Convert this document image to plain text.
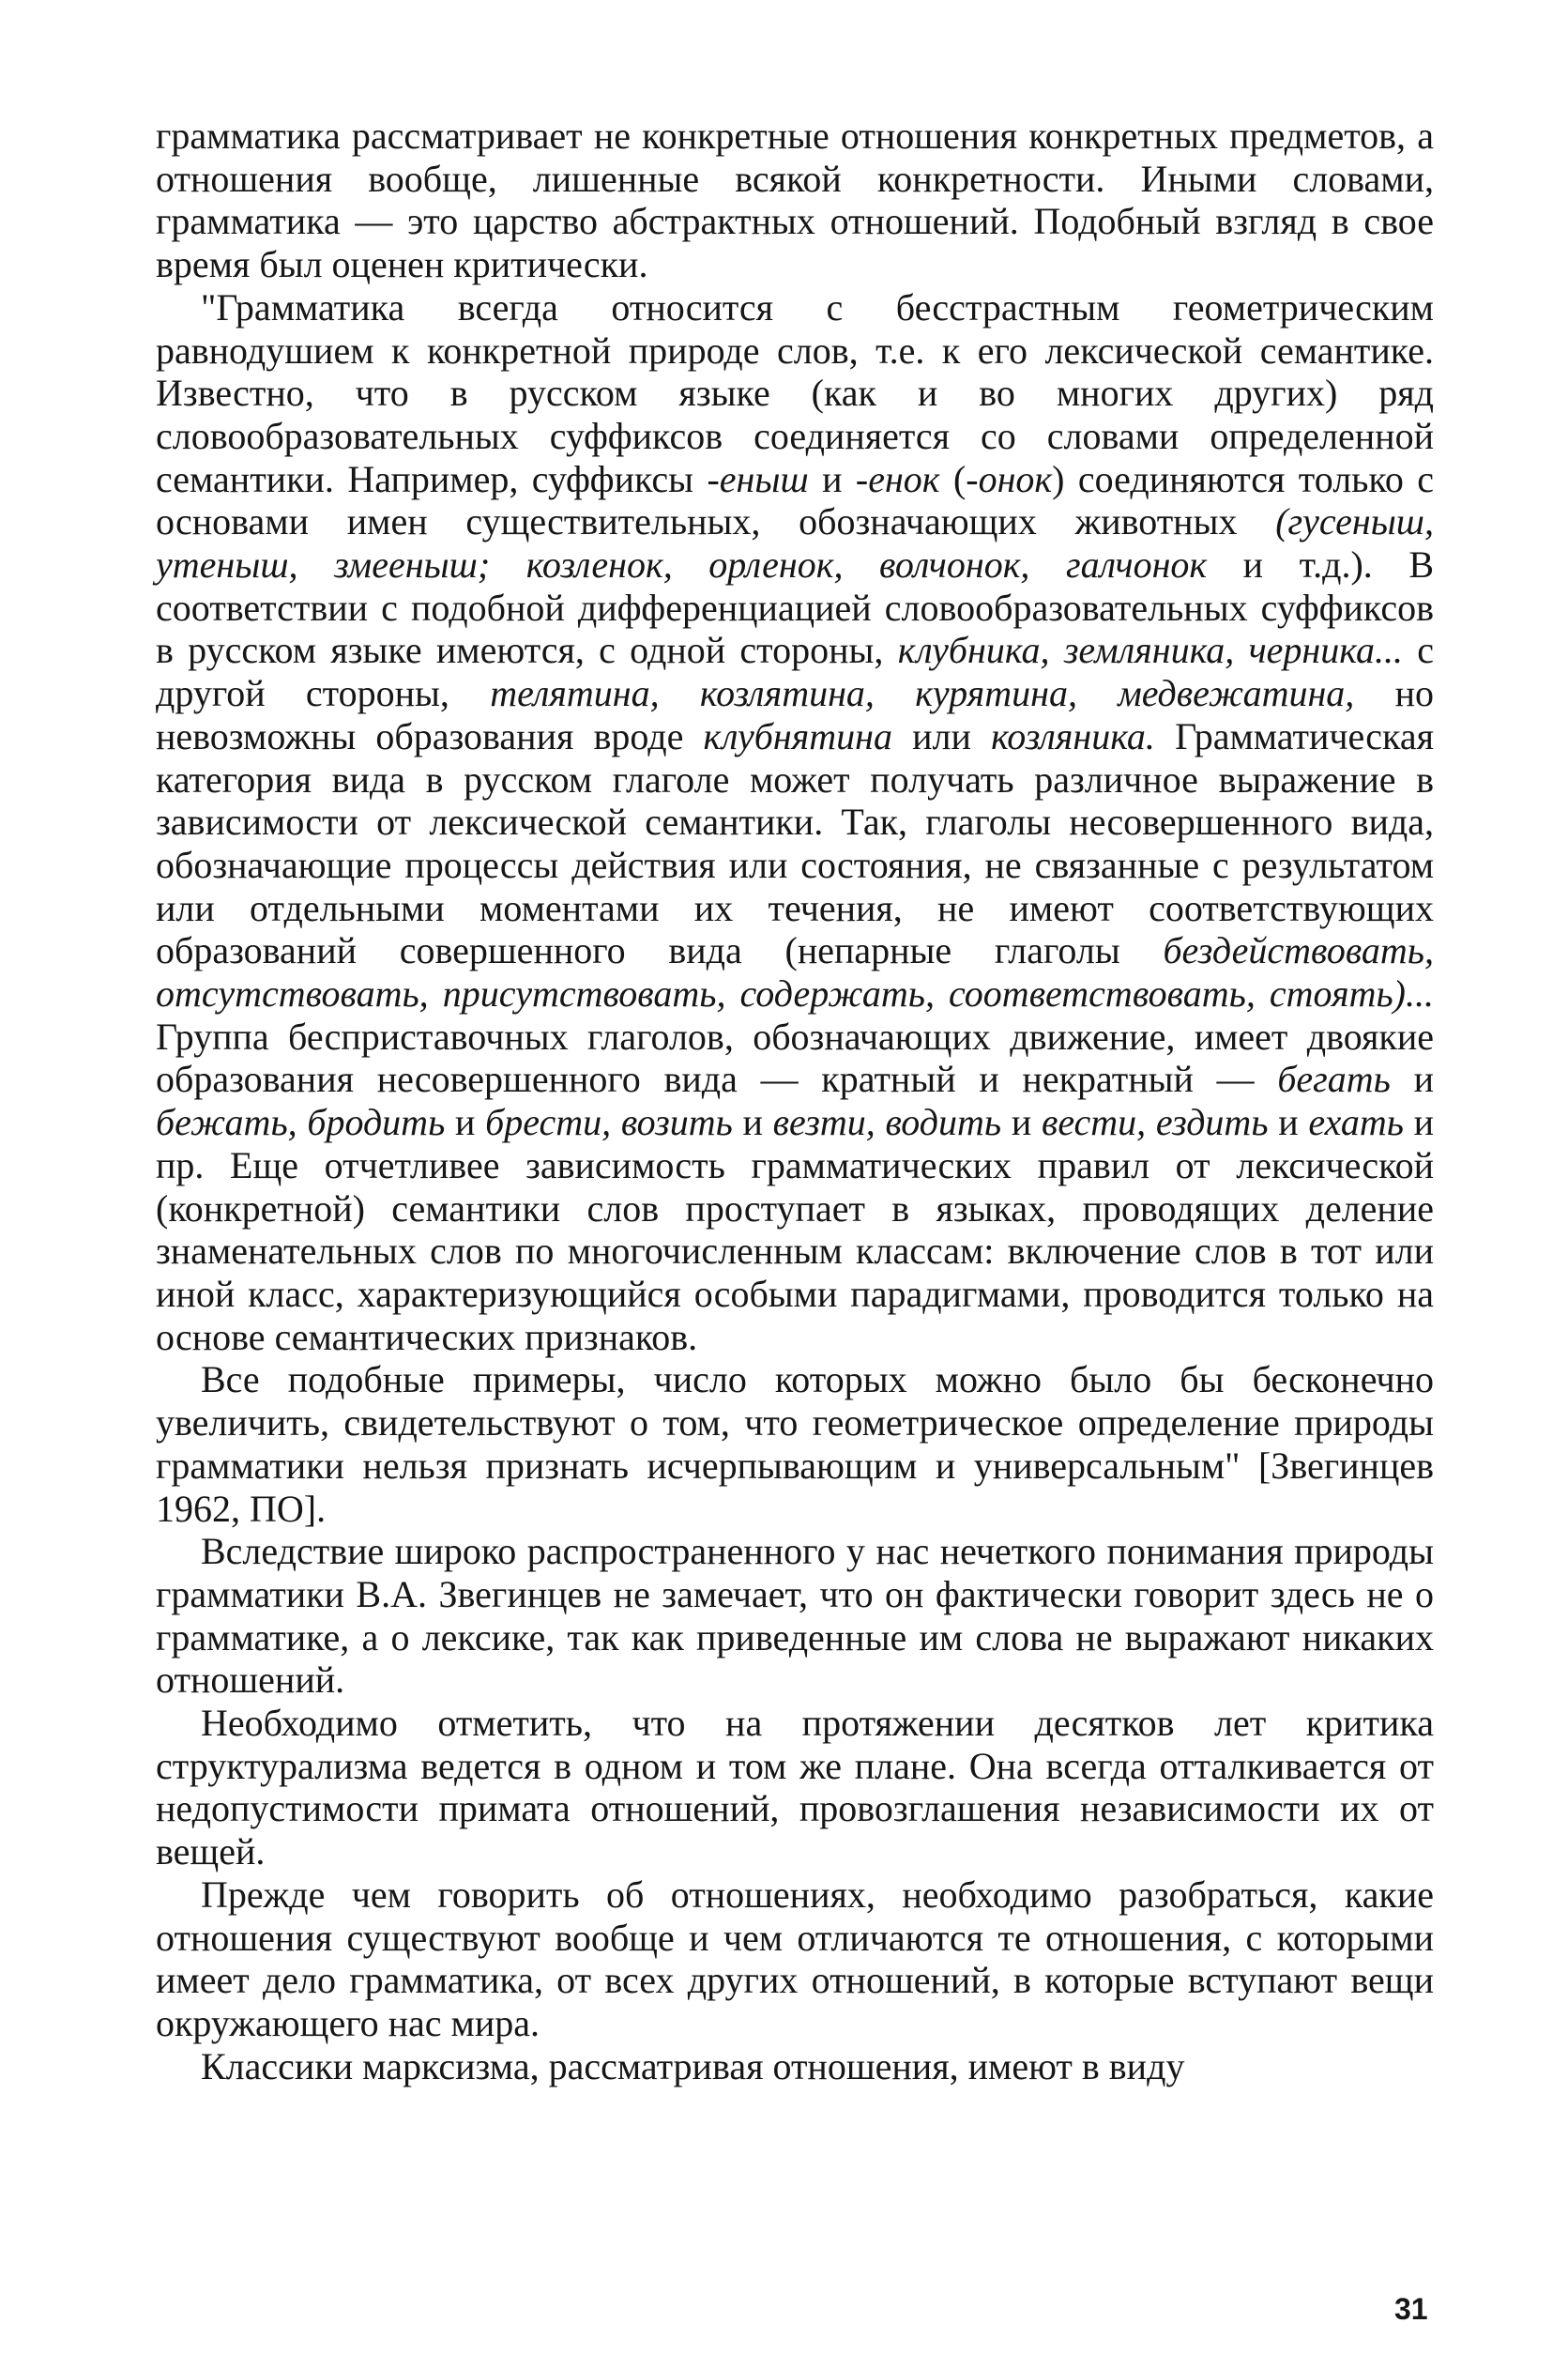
грамматика рассматривает не конкретные отношения конкретных предметов, а отношения вообще, лишенные всякой конкретности. Иными словами, грамматика — это царство абстрактных отношений. Подобный взгляд в свое время был оценен критически.

"Грамматика всегда относится с бесстрастным геометрическим равнодушием к конкретной природе слов, т.е. к его лексической семантике. Известно, что в русском языке (как и во многих других) ряд словообразовательных суффиксов соединяется со словами определенной семантики. Например, суффиксы -еныш и -енок (-онок) соединяются только с основами имен существительных, обозначающих животных (гусеныш, утеныш, змееныш; козленок, орленок, волчонок, галчонок и т.д.). В соответствии с подобной дифференциацией словообразовательных суффиксов в русском языке имеются, с одной стороны, клубника, земляника, черника... с другой стороны, телятина, козлятина, курятина, медвежатина, но невозможны образования вроде клубнятина или козляника. Грамматическая категория вида в русском глаголе может получать различное выражение в зависимости от лексической семантики. Так, глаголы несовершенного вида, обозначающие процессы действия или состояния, не связанные с результатом или отдельными моментами их течения, не имеют соответствующих образований совершенного вида (непарные глаголы бездействовать, отсутствовать, присутствовать, содержать, соответствовать, стоять)... Группа бесприставочных глаголов, обозначающих движение, имеет двоякие образования несовершенного вида — кратный и некратный — бегать и бежать, бродить и брести, возить и везти, водить и вести, ездить и ехать и пр. Еще отчетливее зависимость грамматических правил от лексической (конкретной) семантики слов проступает в языках, проводящих деление знаменательных слов по многочисленным классам: включение слов в тот или иной класс, характеризующийся особыми парадигмами, проводится только на основе семантических признаков.

Все подобные примеры, число которых можно было бы бесконечно увеличить, свидетельствуют о том, что геометрическое определение природы грамматики нельзя признать исчерпывающим и универсальным" [Звегинцев 1962, ПО].

Вследствие широко распространенного у нас нечеткого понимания природы грамматики В.А. Звегинцев не замечает, что он фактически говорит здесь не о грамматике, а о лексике, так как приведенные им слова не выражают никаких отношений.

Необходимо отметить, что на протяжении десятков лет критика структурализма ведется в одном и том же плане. Она всегда отталкивается от недопустимости примата отношений, провозглашения независимости их от вещей.

Прежде чем говорить об отношениях, необходимо разобраться, какие отношения существуют вообще и чем отличаются те отношения, с которыми имеет дело грамматика, от всех других отношений, в которые вступают вещи окружающего нас мира.

Классики марксизма, рассматривая отношения, имеют в виду

31
